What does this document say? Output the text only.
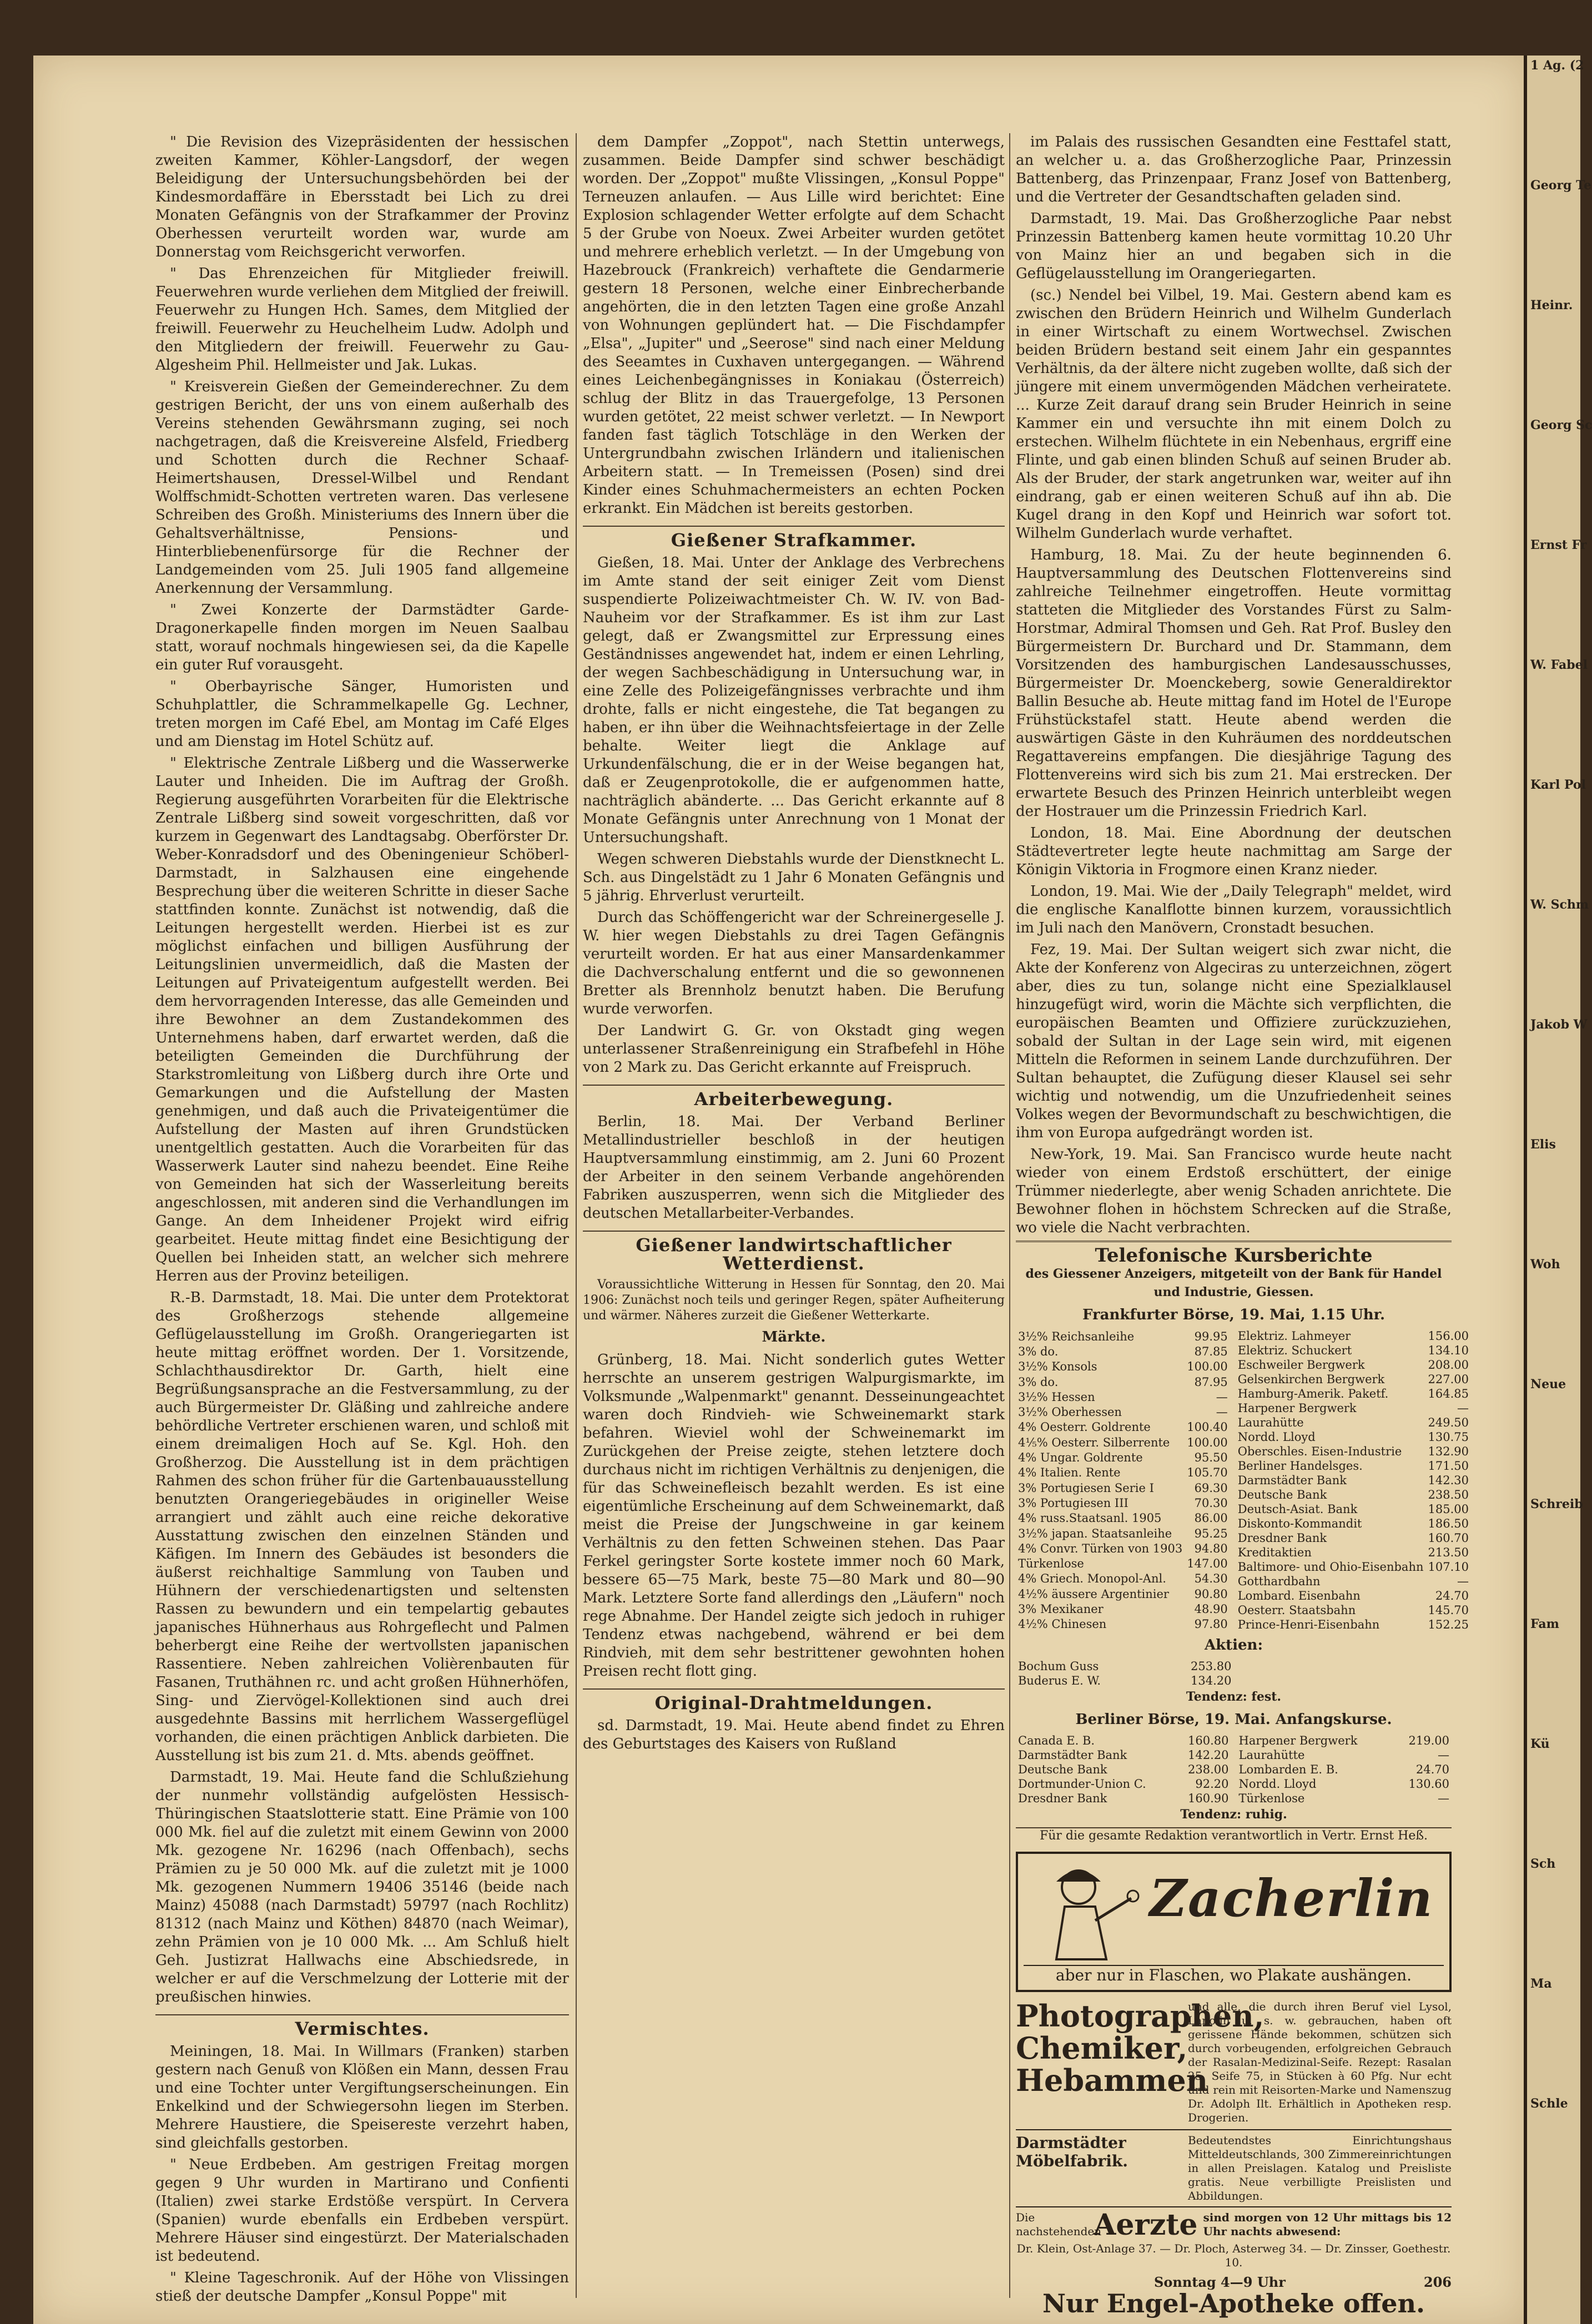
" Die Revision des Vizepräsidenten der hessischen zweiten Kammer, Köhler-Langsdorf, der wegen Beleidigung der Untersuchungsbehörden bei der Kindesmordaffäre in Ebersstadt bei Lich zu drei Monaten Gefängnis von der Strafkammer der Provinz Oberhessen verurteilt worden war, wurde am Donnerstag vom Reichsgericht verworfen.

" Das Ehrenzeichen für Mitglieder freiwill. Feuerwehren wurde verliehen dem Mitglied der freiwill. Feuerwehr zu Hungen Hch. Sames, dem Mitglied der freiwill. Feuerwehr zu Heuchelheim Ludw. Adolph und den Mitgliedern der freiwill. Feuerwehr zu Gau-Algesheim Phil. Hellmeister und Jak. Lukas.

" Kreisverein Gießen der Gemeinderechner. Zu dem gestrigen Bericht, der uns von einem außerhalb des Vereins stehenden Gewährsmann zuging, sei noch nachgetragen, daß die Kreisvereine Alsfeld, Friedberg und Schotten durch die Rechner Schaaf-Heimertshausen, Dressel-Wilbel und Rendant Wolffschmidt-Schotten vertreten waren. Das verlesene Schreiben des Großh. Ministeriums des Innern über die Gehaltsverhältnisse, Pensions- und Hinterbliebenenfürsorge für die Rechner der Landgemeinden vom 25. Juli 1905 fand allgemeine Anerkennung der Versammlung.

" Zwei Konzerte der Darmstädter Garde-Dragonerkapelle finden morgen im Neuen Saalbau statt, worauf nochmals hingewiesen sei, da die Kapelle ein guter Ruf vorausgeht.

" Oberbayrische Sänger, Humoristen und Schuhplattler, die Schrammelkapelle Gg. Lechner, treten morgen im Café Ebel, am Montag im Café Elges und am Dienstag im Hotel Schütz auf.

" Elektrische Zentrale Lißberg und die Wasserwerke Lauter und Inheiden. Die im Auftrag der Großh. Regierung ausgeführten Vorarbeiten für die Elektrische Zentrale Lißberg sind soweit vorgeschritten, daß vor kurzem in Gegenwart des Landtagsabg. Oberförster Dr. Weber-Konradsdorf und des Obeningenieur Schöberl-Darmstadt, in Salzhausen eine eingehende Besprechung über die weiteren Schritte in dieser Sache stattfinden konnte. Zunächst ist notwendig, daß die Leitungen hergestellt werden. Hierbei ist es zur möglichst einfachen und billigen Ausführung der Leitungslinien unvermeidlich, daß die Masten der Leitungen auf Privateigentum aufgestellt werden. Bei dem hervorragenden Interesse, das alle Gemeinden und ihre Bewohner an dem Zustandekommen des Unternehmens haben, darf erwartet werden, daß die beteiligten Gemeinden die Durchführung der Starkstromleitung von Lißberg durch ihre Orte und Gemarkungen und die Aufstellung der Masten genehmigen, und daß auch die Privateigentümer die Aufstellung der Masten auf ihren Grundstücken unentgeltlich gestatten. Auch die Vorarbeiten für das Wasserwerk Lauter sind nahezu beendet. Eine Reihe von Gemeinden hat sich der Wasserleitung bereits angeschlossen, mit anderen sind die Verhandlungen im Gange. An dem Inheidener Projekt wird eifrig gearbeitet. Heute mittag findet eine Besichtigung der Quellen bei Inheiden statt, an welcher sich mehrere Herren aus der Provinz beteiligen.

R.-B. Darmstadt, 18. Mai. Die unter dem Protektorat des Großherzogs stehende allgemeine Geflügelausstellung im Großh. Orangeriegarten ist heute mittag eröffnet worden. Der 1. Vorsitzende, Schlachthausdirektor Dr. Garth, hielt eine Begrüßungsansprache an die Festversammlung, zu der auch Bürgermeister Dr. Gläßing und zahlreiche andere behördliche Vertreter erschienen waren, und schloß mit einem dreimaligen Hoch auf Se. Kgl. Hoh. den Großherzog. Die Ausstellung ist in dem prächtigen Rahmen des schon früher für die Gartenbauausstellung benutzten Orangeriegebäudes in origineller Weise arrangiert und zählt auch eine reiche dekorative Ausstattung zwischen den einzelnen Ständen und Käfigen. Im Innern des Gebäudes ist besonders die äußerst reichhaltige Sammlung von Tauben und Hühnern der verschiedenartigsten und seltensten Rassen zu bewundern und ein tempelartig gebautes japanisches Hühnerhaus aus Rohrgeflecht und Palmen beherbergt eine Reihe der wertvollsten japanischen Rassentiere. Neben zahlreichen Volièrenbauten für Fasanen, Truthähnen rc. und acht großen Hühnerhöfen, Sing- und Ziervögel-Kollektionen sind auch drei ausgedehnte Bassins mit herrlichem Wassergeflügel vorhanden, die einen prächtigen Anblick darbieten. Die Ausstellung ist bis zum 21. d. Mts. abends geöffnet.

Darmstadt, 19. Mai. Heute fand die Schlußziehung der nunmehr vollständig aufgelösten Hessisch-Thüringischen Staatslotterie statt. Eine Prämie von 100 000 Mk. fiel auf die zuletzt mit einem Gewinn von 2000 Mk. gezogene Nr. 16296 (nach Offenbach), sechs Prämien zu je 50 000 Mk. auf die zuletzt mit je 1000 Mk. gezogenen Nummern 19406 35146 (beide nach Mainz) 45088 (nach Darmstadt) 59797 (nach Rochlitz) 81312 (nach Mainz und Köthen) 84870 (nach Weimar), zehn Prämien von je 10 000 Mk. ... Am Schluß hielt Geh. Justizrat Hallwachs eine Abschiedsrede, in welcher er auf die Verschmelzung der Lotterie mit der preußischen hinwies.

Vermischtes.

Meiningen, 18. Mai. In Willmars (Franken) starben gestern nach Genuß von Klößen ein Mann, dessen Frau und eine Tochter unter Vergiftungserscheinungen. Ein Enkelkind und der Schwiegersohn liegen im Sterben. Mehrere Haustiere, die Speisereste verzehrt haben, sind gleichfalls gestorben.

" Neue Erdbeben. Am gestrigen Freitag morgen gegen 9 Uhr wurden in Martirano und Confienti (Italien) zwei starke Erdstöße verspürt. In Cervera (Spanien) wurde ebenfalls ein Erdbeben verspürt. Mehrere Häuser sind eingestürzt. Der Materialschaden ist bedeutend.

" Kleine Tageschronik. Auf der Höhe von Vlissingen stieß der deutsche Dampfer „Konsul Poppe" mit

dem Dampfer „Zoppot", nach Stettin unterwegs, zusammen. Beide Dampfer sind schwer beschädigt worden. Der „Zoppot" mußte Vlissingen, „Konsul Poppe" Terneuzen anlaufen. — Aus Lille wird berichtet: Eine Explosion schlagender Wetter erfolgte auf dem Schacht 5 der Grube von Noeux. Zwei Arbeiter wurden getötet und mehrere erheblich verletzt. — In der Umgebung von Hazebrouck (Frankreich) verhaftete die Gendarmerie gestern 18 Personen, welche einer Einbrecherbande angehörten, die in den letzten Tagen eine große Anzahl von Wohnungen geplündert hat. — Die Fischdampfer „Elsa", „Jupiter" und „Seerose" sind nach einer Meldung des Seeamtes in Cuxhaven untergegangen. — Während eines Leichenbegängnisses in Koniakau (Österreich) schlug der Blitz in das Trauergefolge, 13 Personen wurden getötet, 22 meist schwer verletzt. — In Newport fanden fast täglich Totschläge in den Werken der Untergrundbahn zwischen Irländern und italienischen Arbeitern statt. — In Tremeissen (Posen) sind drei Kinder eines Schuhmachermeisters an echten Pocken erkrankt. Ein Mädchen ist bereits gestorben.

Gießener Strafkammer.

Gießen, 18. Mai. Unter der Anklage des Verbrechens im Amte stand der seit einiger Zeit vom Dienst suspendierte Polizeiwachtmeister Ch. W. IV. von Bad-Nauheim vor der Strafkammer. Es ist ihm zur Last gelegt, daß er Zwangsmittel zur Erpressung eines Geständnisses angewendet hat, indem er einen Lehrling, der wegen Sachbeschädigung in Untersuchung war, in eine Zelle des Polizeigefängnisses verbrachte und ihm drohte, falls er nicht eingestehe, die Tat begangen zu haben, er ihn über die Weihnachtsfeiertage in der Zelle behalte. Weiter liegt die Anklage auf Urkundenfälschung, die er in der Weise begangen hat, daß er Zeugenprotokolle, die er aufgenommen hatte, nachträglich abänderte. ... Das Gericht erkannte auf 8 Monate Gefängnis unter Anrechnung von 1 Monat der Untersuchungshaft.

Wegen schweren Diebstahls wurde der Dienstknecht L. Sch. aus Dingelstädt zu 1 Jahr 6 Monaten Gefängnis und 5 jährig. Ehrverlust verurteilt.

Durch das Schöffengericht war der Schreinergeselle J. W. hier wegen Diebstahls zu drei Tagen Gefängnis verurteilt worden. Er hat aus einer Mansardenkammer die Dachverschalung entfernt und die so gewonnenen Bretter als Brennholz benutzt haben. Die Berufung wurde verworfen.

Der Landwirt G. Gr. von Okstadt ging wegen unterlassener Straßenreinigung ein Strafbefehl in Höhe von 2 Mark zu. Das Gericht erkannte auf Freispruch.

Arbeiterbewegung.

Berlin, 18. Mai. Der Verband Berliner Metallindustrieller beschloß in der heutigen Hauptversammlung einstimmig, am 2. Juni 60 Prozent der Arbeiter in den seinem Verbande angehörenden Fabriken auszusperren, wenn sich die Mitglieder des deutschen Metallarbeiter-Verbandes.

Gießener landwirtschaftlicher Wetterdienst.

Voraussichtliche Witterung in Hessen für Sonntag, den 20. Mai 1906: Zunächst noch teils und geringer Regen, später Aufheiterung und wärmer. Näheres zurzeit die Gießener Wetterkarte.

Märkte.

Grünberg, 18. Mai. Nicht sonderlich gutes Wetter herrschte an unserem gestrigen Walpurgismarkte, im Volksmunde „Walpenmarkt" genannt. Desseinungeachtet waren doch Rindvieh- wie Schweinemarkt stark befahren. Wieviel wohl der Schweinemarkt im Zurückgehen der Preise zeigte, stehen letztere doch durchaus nicht im richtigen Verhältnis zu denjenigen, die für das Schweinefleisch bezahlt werden. Es ist eine eigentümliche Erscheinung auf dem Schweinemarkt, daß meist die Preise der Jungschweine in gar keinem Verhältnis zu den fetten Schweinen stehen. Das Paar Ferkel geringster Sorte kostete immer noch 60 Mark, bessere 65—75 Mark, beste 75—80 Mark und 80—90 Mark. Letztere Sorte fand allerdings den „Läufern" noch rege Abnahme. Der Handel zeigte sich jedoch in ruhiger Tendenz etwas nachgebend, während er bei dem Rindvieh, mit dem sehr bestrittener gewohnten hohen Preisen recht flott ging.

Original-Drahtmeldungen.

sd. Darmstadt, 19. Mai. Heute abend findet zu Ehren des Geburtstages des Kaisers von Rußland

im Palais des russischen Gesandten eine Festtafel statt, an welcher u. a. das Großherzogliche Paar, Prinzessin Battenberg, das Prinzenpaar, Franz Josef von Battenberg, und die Vertreter der Gesandtschaften geladen sind.

Darmstadt, 19. Mai. Das Großherzogliche Paar nebst Prinzessin Battenberg kamen heute vormittag 10.20 Uhr von Mainz hier an und begaben sich in die Geflügelausstellung im Orangeriegarten.

(sc.) Nendel bei Vilbel, 19. Mai. Gestern abend kam es zwischen den Brüdern Heinrich und Wilhelm Gunderlach in einer Wirtschaft zu einem Wortwechsel. Zwischen beiden Brüdern bestand seit einem Jahr ein gespanntes Verhältnis, da der ältere nicht zugeben wollte, daß sich der jüngere mit einem unvermögenden Mädchen verheiratete. ... Kurze Zeit darauf drang sein Bruder Heinrich in seine Kammer ein und versuchte ihn mit einem Dolch zu erstechen. Wilhelm flüchtete in ein Nebenhaus, ergriff eine Flinte, und gab einen blinden Schuß auf seinen Bruder ab. Als der Bruder, der stark angetrunken war, weiter auf ihn eindrang, gab er einen weiteren Schuß auf ihn ab. Die Kugel drang in den Kopf und Heinrich war sofort tot. Wilhelm Gunderlach wurde verhaftet.

Hamburg, 18. Mai. Zu der heute beginnenden 6. Hauptversammlung des Deutschen Flottenvereins sind zahlreiche Teilnehmer eingetroffen. Heute vormittag statteten die Mitglieder des Vorstandes Fürst zu Salm-Horstmar, Admiral Thomsen und Geh. Rat Prof. Busley den Bürgermeistern Dr. Burchard und Dr. Stammann, dem Vorsitzenden des hamburgischen Landesausschusses, Bürgermeister Dr. Moenckeberg, sowie Generaldirektor Ballin Besuche ab. Heute mittag fand im Hotel de l'Europe Frühstückstafel statt. Heute abend werden die auswärtigen Gäste in den Kuhräumen des norddeutschen Regattavereins empfangen. Die diesjährige Tagung des Flottenvereins wird sich bis zum 21. Mai erstrecken. Der erwartete Besuch des Prinzen Heinrich unterbleibt wegen der Hostrauer um die Prinzessin Friedrich Karl.

London, 18. Mai. Eine Abordnung der deutschen Städtevertreter legte heute nachmittag am Sarge der Königin Viktoria in Frogmore einen Kranz nieder.

London, 19. Mai. Wie der „Daily Telegraph" meldet, wird die englische Kanalflotte binnen kurzem, voraussichtlich im Juli nach den Manövern, Cronstadt besuchen.

Fez, 19. Mai. Der Sultan weigert sich zwar nicht, die Akte der Konferenz von Algeciras zu unterzeichnen, zögert aber, dies zu tun, solange nicht eine Spezialklausel hinzugefügt wird, worin die Mächte sich verpflichten, die europäischen Beamten und Offiziere zurückzuziehen, sobald der Sultan in der Lage sein wird, mit eigenen Mitteln die Reformen in seinem Lande durchzuführen. Der Sultan behauptet, die Zufügung dieser Klausel sei sehr wichtig und notwendig, um die Unzufriedenheit seines Volkes wegen der Bevormundschaft zu beschwichtigen, die ihm von Europa aufgedrängt worden ist.

New-York, 19. Mai. San Francisco wurde heute nacht wieder von einem Erdstoß erschüttert, der einige Trümmer niederlegte, aber wenig Schaden anrichtete. Die Bewohner flohen in höchstem Schrecken auf die Straße, wo viele die Nacht verbrachten.

Telefonische Kursberichte
des Giessener Anzeigers, mitgeteilt von der Bank für Handel und Industrie, Giessen.
Frankfurter Börse, 19. Mai, 1.15 Uhr.
3½% Reichsanleihe	99.95
3% do.	87.85
3½% Konsols	100.00
3% do.	87.95
3½% Hessen	—
3½% Oberhessen	—
4% Oesterr. Goldrente	100.40
4⅕% Oesterr. Silberrente	100.00
4% Ungar. Goldrente	95.50
4% Italien. Rente	105.70
3% Portugiesen Serie I	69.30
3% Portugiesen III	70.30
4% russ.Staatsanl. 1905	86.00
3½% japan. Staatsanleihe	95.25
4% Convr. Türken von 1903	94.80
Türkenlose	147.00
4% Griech. Monopol-Anl.	54.30
4½% äussere Argentinier	90.80
3% Mexikaner	48.90
4½% Chinesen	97.80
Elektriz. Lahmeyer	156.00
Elektriz. Schuckert	134.10
Eschweiler Bergwerk	208.00
Gelsenkirchen Bergwerk	227.00
Hamburg-Amerik. Paketf.	164.85
Harpener Bergwerk	—
Laurahütte	249.50
Nordd. Lloyd	130.75
Oberschles. Eisen-Industrie	132.90
Berliner Handelsges.	171.50
Darmstädter Bank	142.30
Deutsche Bank	238.50
Deutsch-Asiat. Bank	185.00
Diskonto-Kommandit	186.50
Dresdner Bank	160.70
Kreditaktien	213.50
Baltimore- und Ohio-Eisenbahn	107.10
Gotthardbahn	—
Lombard. Eisenbahn	24.70
Oesterr. Staatsbahn	145.70
Prince-Henri-Eisenbahn	152.25
Aktien:
Bochum Guss	253.80
Buderus E. W.	134.20
Tendenz: fest.
Berliner Börse, 19. Mai. Anfangskurse.
Canada E. B.	160.80
Darmstädter Bank	142.20
Deutsche Bank	238.00
Dortmunder-Union C.	92.20
Dresdner Bank	160.90
Harpener Bergwerk	219.00
Laurahütte	—
Lombarden E. B.	24.70
Nordd. Lloyd	130.60
Türkenlose	—
Tendenz: ruhig.
Für die gesamte Redaktion verantwortlich in Vertr. Ernst Heß.
Zacherlin
aber nur in Flaschen, wo Plakate aushängen.
Photographen,
Chemiker,
Hebammen
und alle, die durch ihren Beruf viel Lysol, Lanolin u. s. w. gebrauchen, haben oft gerissene Hände bekommen, schützen sich durch vorbeugenden, erfolgreichen Gebrauch der Rasalan-Medizinal-Seife. Rezept: Rasalan 25, Seife 75, in Stücken à 60 Pfg. Nur echt und rein mit Reisorten-Marke und Namenszug Dr. Adolph Ilt. Erhältlich in Apotheken resp. Drogerien.
Darmstädter Möbelfabrik.
Bedeutendstes Einrichtungshaus Mitteldeutschlands, 300 Zimmereinrichtungen in allen Preislagen. Katalog und Preisliste gratis. Neue verbilligte Preislisten und Abbildungen.
Die nachstehenden
Aerzte sind morgen von 12 Uhr mittags bis 12 Uhr nachts abwesend:
Dr. Klein, Ost-Anlage 37. — Dr. Ploch, Asterweg 34. — Dr. Zinsser, Goethestr. 10.
Sonntag 4—9 Uhr	206
Nur Engel-Apotheke offen.
1 Ag. (2
Georg Te
Heinr.
Georg Sc
Ernst Fr
W. Fabel
Karl Pol
W. Schm
Jakob W
Elis
Woh
Neue
Schreib
Fam
Kü
Sch
Ma
Schle
